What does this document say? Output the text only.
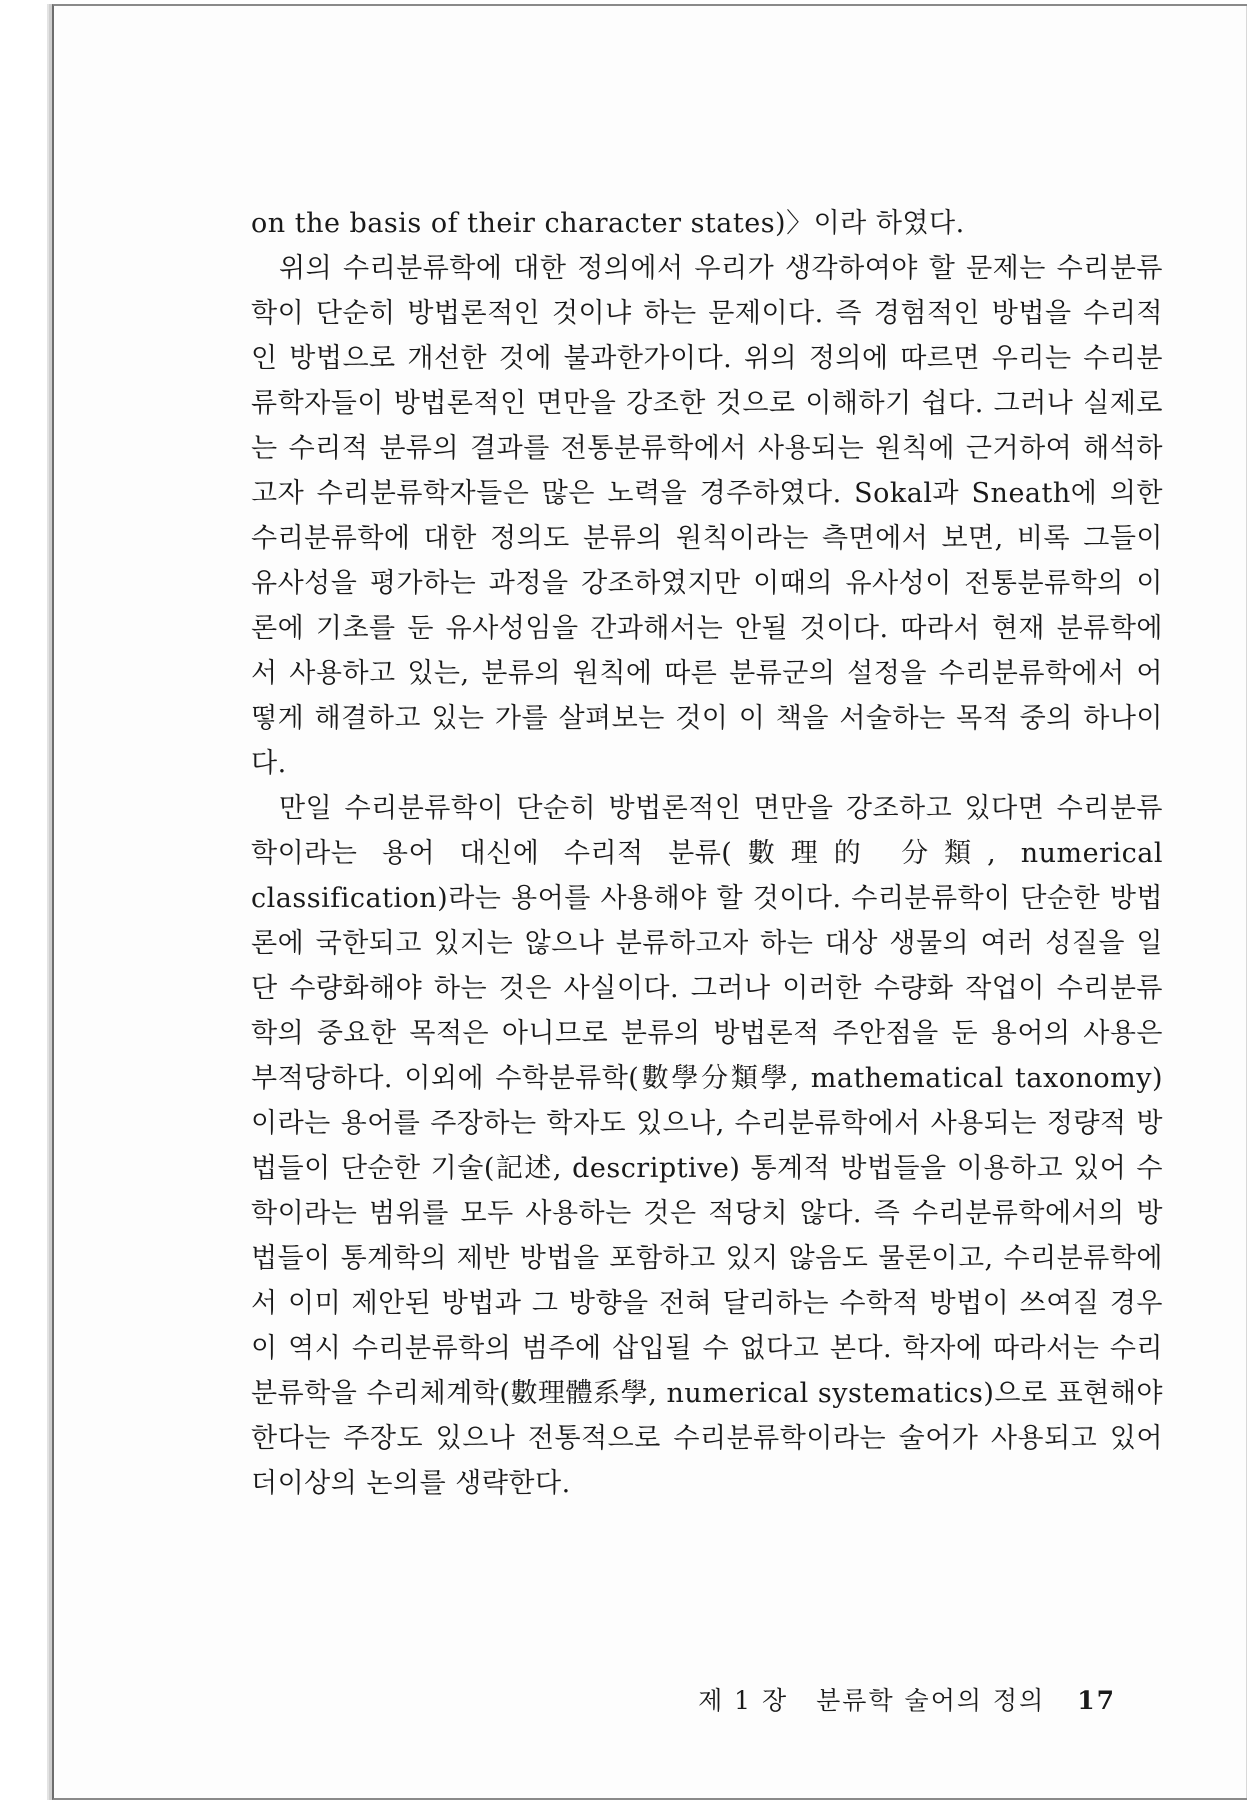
on the basis of their character states)〉이라 하였다.

위의 수리분류학에 대한 정의에서 우리가 생각하여야 할 문제는 수리분류학이 단순히 방법론적인 것이냐 하는 문제이다. 즉 경험적인 방법을 수리적인 방법으로 개선한 것에 불과한가이다. 위의 정의에 따르면 우리는 수리분류학자들이 방법론적인 면만을 강조한 것으로 이해하기 쉽다. 그러나 실제로는 수리적 분류의 결과를 전통분류학에서 사용되는 원칙에 근거하여 해석하고자 수리분류학자들은 많은 노력을 경주하였다. Sokal과 Sneath에 의한 수리분류학에 대한 정의도 분류의 원칙이라는 측면에서 보면, 비록 그들이 유사성을 평가하는 과정을 강조하였지만 이때의 유사성이 전통분류학의 이론에 기초를 둔 유사성임을 간과해서는 안될 것이다. 따라서 현재 분류학에서 사용하고 있는, 분류의 원칙에 따른 분류군의 설정을 수리분류학에서 어떻게 해결하고 있는 가를 살펴보는 것이 이 책을 서술하는 목적 중의 하나이다.

만일 수리분류학이 단순히 방법론적인 면만을 강조하고 있다면 수리분류학이라는 용어 대신에 수리적 분류(數理的 分類, numerical classification)라는 용어를 사용해야 할 것이다. 수리분류학이 단순한 방법론에 국한되고 있지는 않으나 분류하고자 하는 대상 생물의 여러 성질을 일단 수량화해야 하는 것은 사실이다. 그러나 이러한 수량화 작업이 수리분류학의 중요한 목적은 아니므로 분류의 방법론적 주안점을 둔 용어의 사용은 부적당하다. 이외에 수학분류학(數學分類學, mathematical taxonomy)이라는 용어를 주장하는 학자도 있으나, 수리분류학에서 사용되는 정량적 방법들이 단순한 기술(記述, descriptive) 통계적 방법들을 이용하고 있어 수학이라는 범위를 모두 사용하는 것은 적당치 않다. 즉 수리분류학에서의 방법들이 통계학의 제반 방법을 포함하고 있지 않음도 물론이고, 수리분류학에서 이미 제안된 방법과 그 방향을 전혀 달리하는 수학적 방법이 쓰여질 경우 이 역시 수리분류학의 범주에 삽입될 수 없다고 본다. 학자에 따라서는 수리분류학을 수리체계학(數理體系學, numerical systematics)으로 표현해야 한다는 주장도 있으나 전통적으로 수리분류학이라는 술어가 사용되고 있어 더이상의 논의를 생략한다.

제 1 장 분류학 술어의 정의 17
